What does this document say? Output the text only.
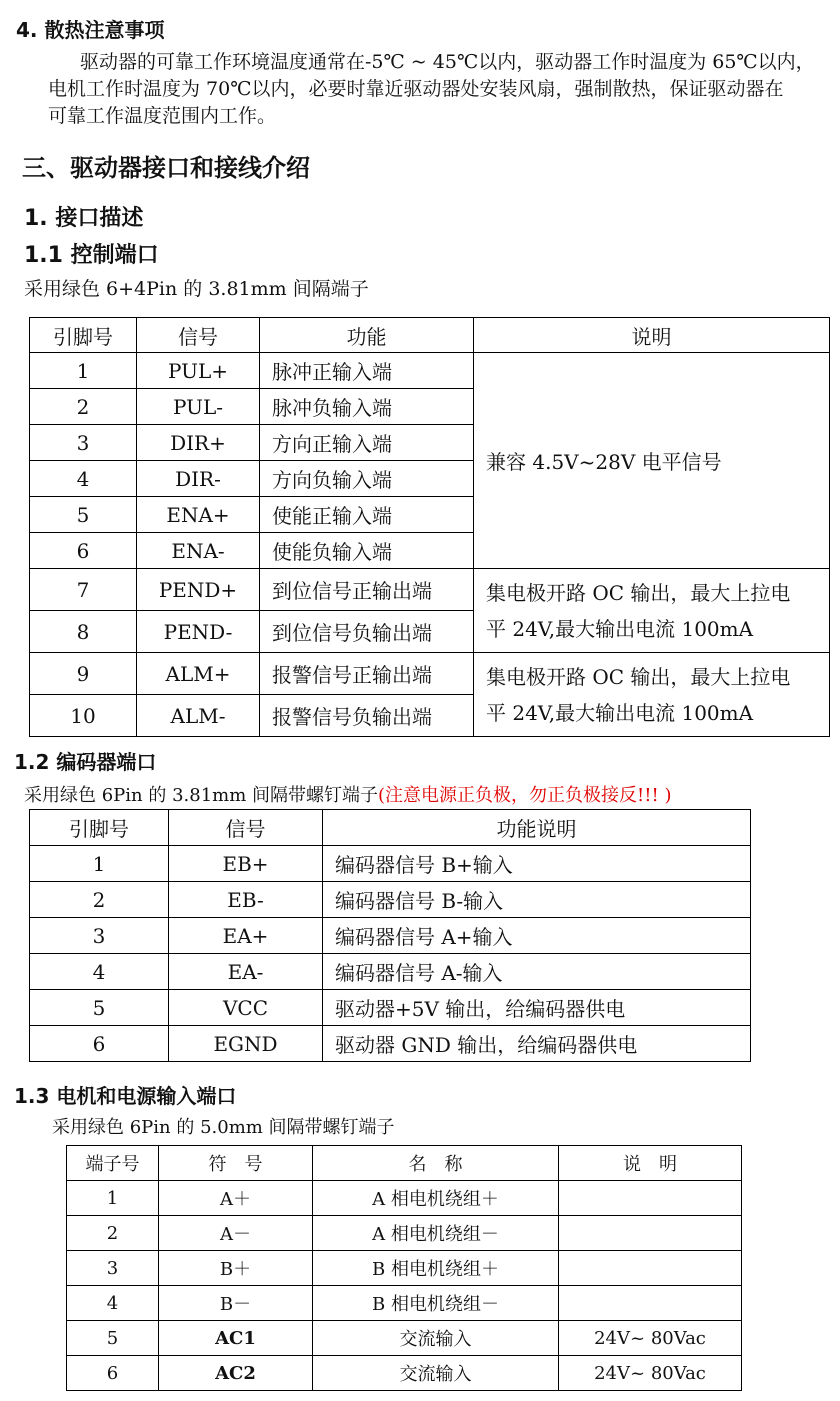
4. 散热注意事项
驱动器的可靠工作环境温度通常在-5℃ ~ 45℃以内，驱动器工作时温度为 65℃以内，
电机工作时温度为 70℃以内，必要时靠近驱动器处安装风扇，强制散热，保证驱动器在
可靠工作温度范围内工作。
三、驱动器接口和接线介绍
1. 接口描述
1.1 控制端口
采用绿色 6+4Pin 的 3.81mm 间隔端子
引脚号	信号	功能	说明
1	PUL+	脉冲正输入端	兼容 4.5V~28V 电平信号
2	PUL-	脉冲负输入端	
3	DIR+	方向正输入端	
4	DIR-	方向负输入端	
5	ENA+	使能正输入端	
6	ENA-	使能负输入端	
7	PEND+	到位信号正输出端	集电极开路 OC 输出，最大上拉电
平 24V,最大输出电流 100mA

8	PEND-	到位信号负输出端	
9	ALM+	报警信号正输出端	集电极开路 OC 输出，最大上拉电
平 24V,最大输出电流 100mA

10	ALM-	报警信号负输出端	
1.2 编码器端口
采用绿色 6Pin 的 3.81mm 间隔带螺钉端子(注意电源正负极，勿正负极接反!!! )
引脚号	信号	功能说明
1	EB+	编码器信号 B+输入
2	EB-	编码器信号 B-输入
3	EA+	编码器信号 A+输入
4	EA-	编码器信号 A-输入
5	VCC	驱动器+5V 输出，给编码器供电
6	EGND	驱动器 GND 输出，给编码器供电
1.3 电机和电源输入端口
采用绿色 6Pin 的 5.0mm 间隔带螺钉端子
端子号	符　号	名　称	说　明
1	A＋	A 相电机绕组＋	
2	A－	A 相电机绕组－	
3	B＋	B 相电机绕组＋	
4	B－	B 相电机绕组－	
5	AC1	交流输入	24V~ 80Vac
6	AC2	交流输入	24V~ 80Vac
